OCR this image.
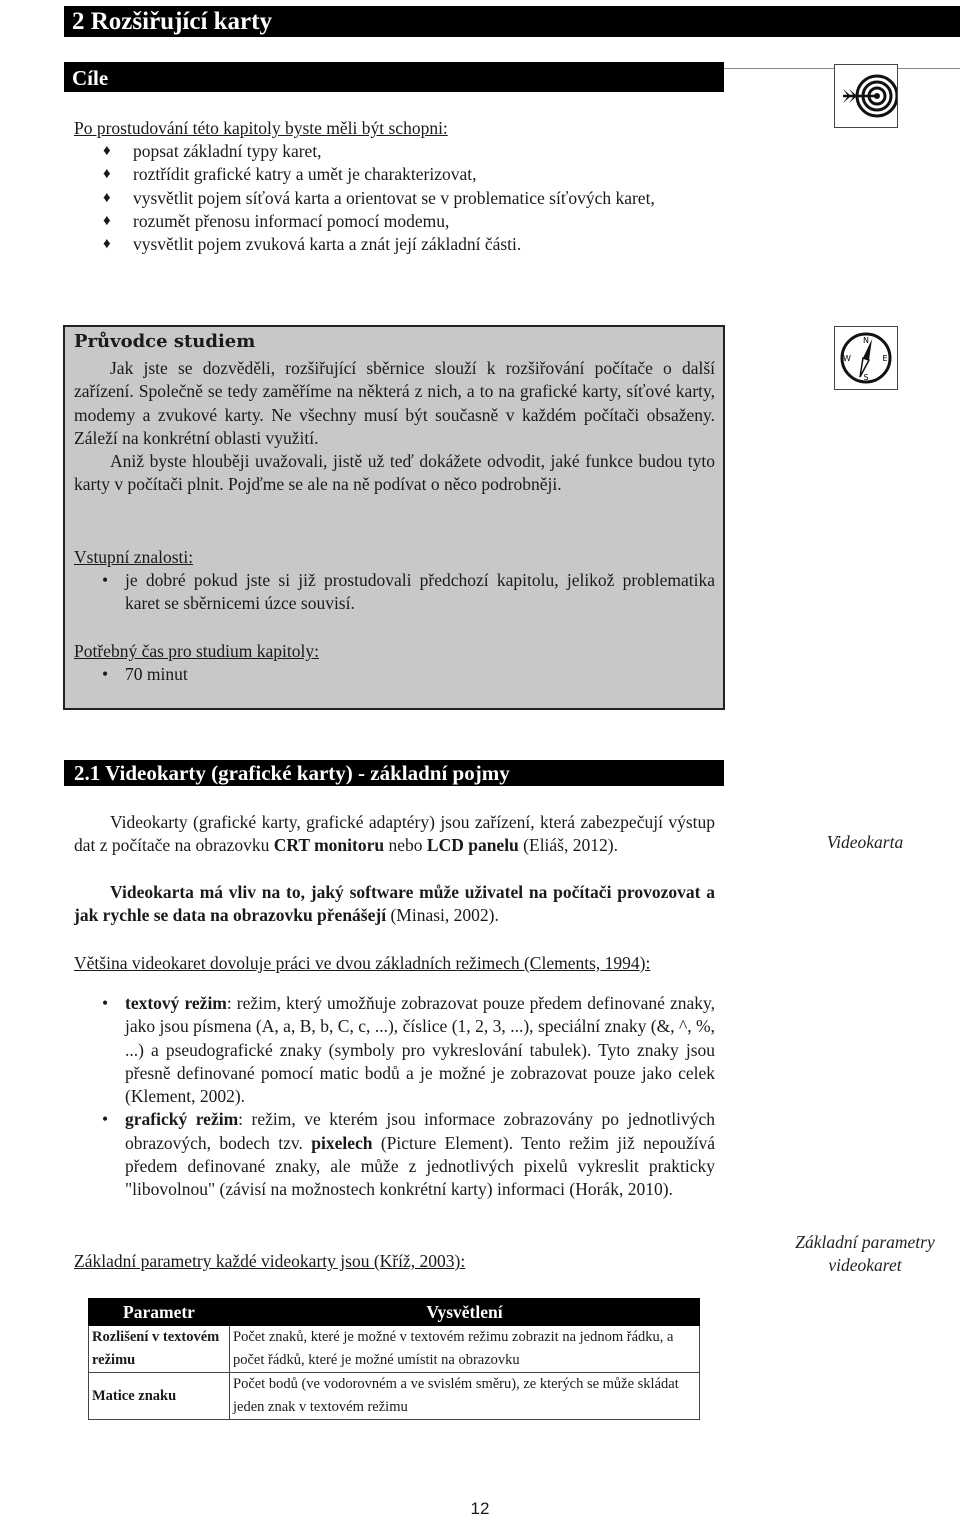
2 Rozšiřující karty
Cíle
Po prostudování této kapitoly byste měli být schopni:
♦ popsat základní typy karet,
♦ roztřídit grafické katry a umět je charakterizovat,
♦ vysvětlit pojem síťová karta a orientovat se v problematice síťových karet,
♦ rozumět přenosu informací pomocí modemu,
♦ vysvětlit pojem zvuková karta a znát její základní části.
N
S
E
W
Průvodce studiem
Jak jste se dozvěděli, rozšiřující sběrnice slouží k rozšiřování počítače o další zařízení. Společně se tedy zaměříme na některá z nich, a to na grafické karty, síťové karty, modemy a zvukové karty. Ne všechny musí být současně v každém počítači obsaženy. Záleží na konkrétní oblasti využití.
Aniž byste hlouběji uvažovali, jistě už teď dokážete odvodit, jaké funkce budou tyto karty v počítači plnit. Pojďme se ale na ně podívat o něco podrobněji.
Vstupní znalosti:
• je dobré pokud jste si již prostudovali předchozí kapitolu, jelikož problematika karet se sběrnicemi úzce souvisí.
Potřebný čas pro studium kapitoly:
• 70 minut
2.1 Videokarty (grafické karty) - základní pojmy
Videokarty (grafické karty, grafické adaptéry) jsou zařízení, která zabezpečují výstup dat z počítače na obrazovku CRT monitoru nebo LCD panelu (Eliáš, 2012).
Videokarta má vliv na to, jaký software může uživatel na počítači provozovat a jak rychle se data na obrazovku přenášejí (Minasi, 2002).
Videokarta
Většina videokaret dovoluje práci ve dvou základních režimech (Clements, 1994):
• textový režim: režim, který umožňuje zobrazovat pouze předem definované znaky, jako jsou písmena (A, a, B, b, C, c, ...), číslice (1, 2, 3, ...), speciální znaky (&, ^, %, ...) a pseudografické znaky (symboly pro vykreslování tabulek). Tyto znaky jsou přesně definované pomocí matic bodů a je možné je zobrazovat pouze jako celek (Klement, 2002).
• grafický režim: režim, ve kterém jsou informace zobrazovány po jednotlivých obrazových, bodech tzv. pixelech (Picture Element). Tento režim již nepoužívá předem definované znaky, ale může z jednotlivých pixelů vykreslit prakticky "libovolnou" (závisí na možnostech konkrétní karty) informaci (Horák, 2010).
Základní parametry každé videokarty jsou (Kříž, 2003):
Základní parametry videokaret
Parametr	Vysvětlení
Rozlišení v textovém režimu	Počet znaků, které je možné v textovém režimu zobrazit na jednom řádku, a počet řádků, které je možné umístit na obrazovku
Matice znaku	Počet bodů (ve vodorovném a ve svislém směru), ze kterých se může skládat jeden znak v textovém režimu
12
